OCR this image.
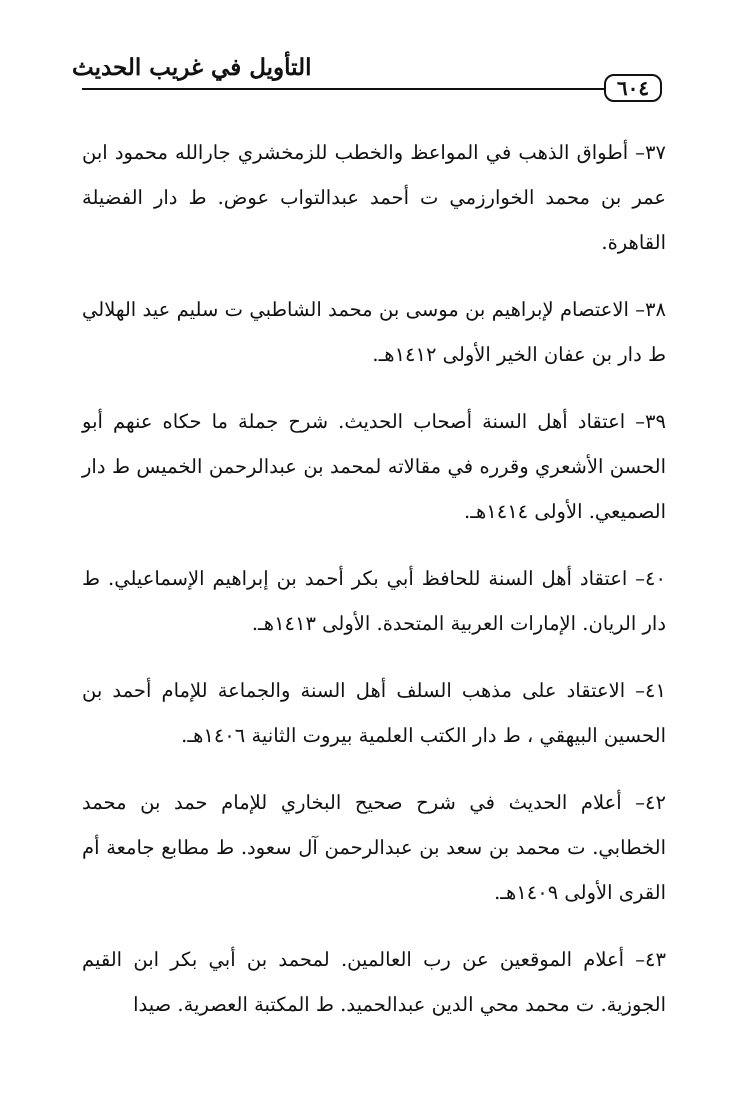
التأويل في غريب الحديث
٦٠٤

٣٧– أطواق الذهب في المواعظ والخطب للزمخشري جارالله محمود ابن عمر بن محمد الخوارزمي ت أحمد عبدالتواب عوض. ط دار الفضيلة القاهرة.

٣٨– الاعتصام لإبراهيم بن موسى بن محمد الشاطبي ت سليم عيد الهلالي ط دار بن عفان الخير الأولى ١٤١٢هـ.

٣٩– اعتقاد أهل السنة أصحاب الحديث. شرح جملة ما حكاه عنهم أبو الحسن الأشعري وقرره في مقالاته لمحمد بن عبدالرحمن الخميس ط دار الصميعي. الأولى ١٤١٤هـ.

٤٠– اعتقاد أهل السنة للحافظ أبي بكر أحمد بن إبراهيم الإسماعيلي. ط دار الريان. الإمارات العربية المتحدة. الأولى ١٤١٣هـ.

٤١– الاعتقاد على مذهب السلف أهل السنة والجماعة للإمام أحمد بن الحسين البيهقي ، ط دار الكتب العلمية بيروت الثانية ١٤٠٦هـ.

٤٢– أعلام الحديث في شرح صحيح البخاري للإمام حمد بن محمد الخطابي. ت محمد بن سعد بن عبدالرحمن آل سعود. ط مطابع جامعة أم القرى الأولى ١٤٠٩هـ.

٤٣– أعلام الموقعين عن رب العالمين. لمحمد بن أبي بكر ابن القيم الجوزية. ت محمد محي الدين عبدالحميد. ط المكتبة العصرية. صيدا
